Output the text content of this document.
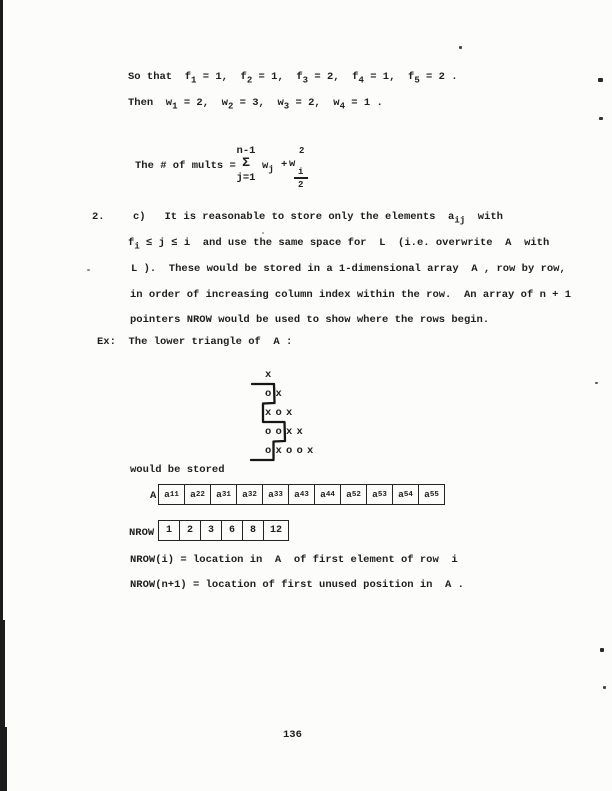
So that  $f_1 = 1$,  $f_2 = 1$,  $f_3 = 2$,  $f_4 = 1$,  $f_5 = 2$ .
Then  $w_1 = 2$,  $w_2 = 3$,  $w_3 = 2$,  $w_4 = 1$ .
The # of mults =
n-1
Σ
j=1
$w_j$ +
2
w
i
2
2.	c)   It is reasonable to store only the elements  $a_{ij}$  with
$f_i \le j \le i$  and use the same space for  L  (i.e. overwrite  A  with
L ).  These would be stored in a 1-dimensional array  A , row by row,
in order of increasing column index within the row.  An array of n + 1
pointers NROW would be used to show where the rows begin.
Ex:  The lower triangle of  A :
x
ox
xox
ooxx
oxoox
would be stored
A a 11 a 22 a 31 a 32 a 33 a 43 a 44 a 52 a 53 a 54 a 55
NROW	1	2	3	6	8	12
NROW(i) = location in  A  of first element of row  i
NROW(n+1) = location of first unused position in  A .
136
